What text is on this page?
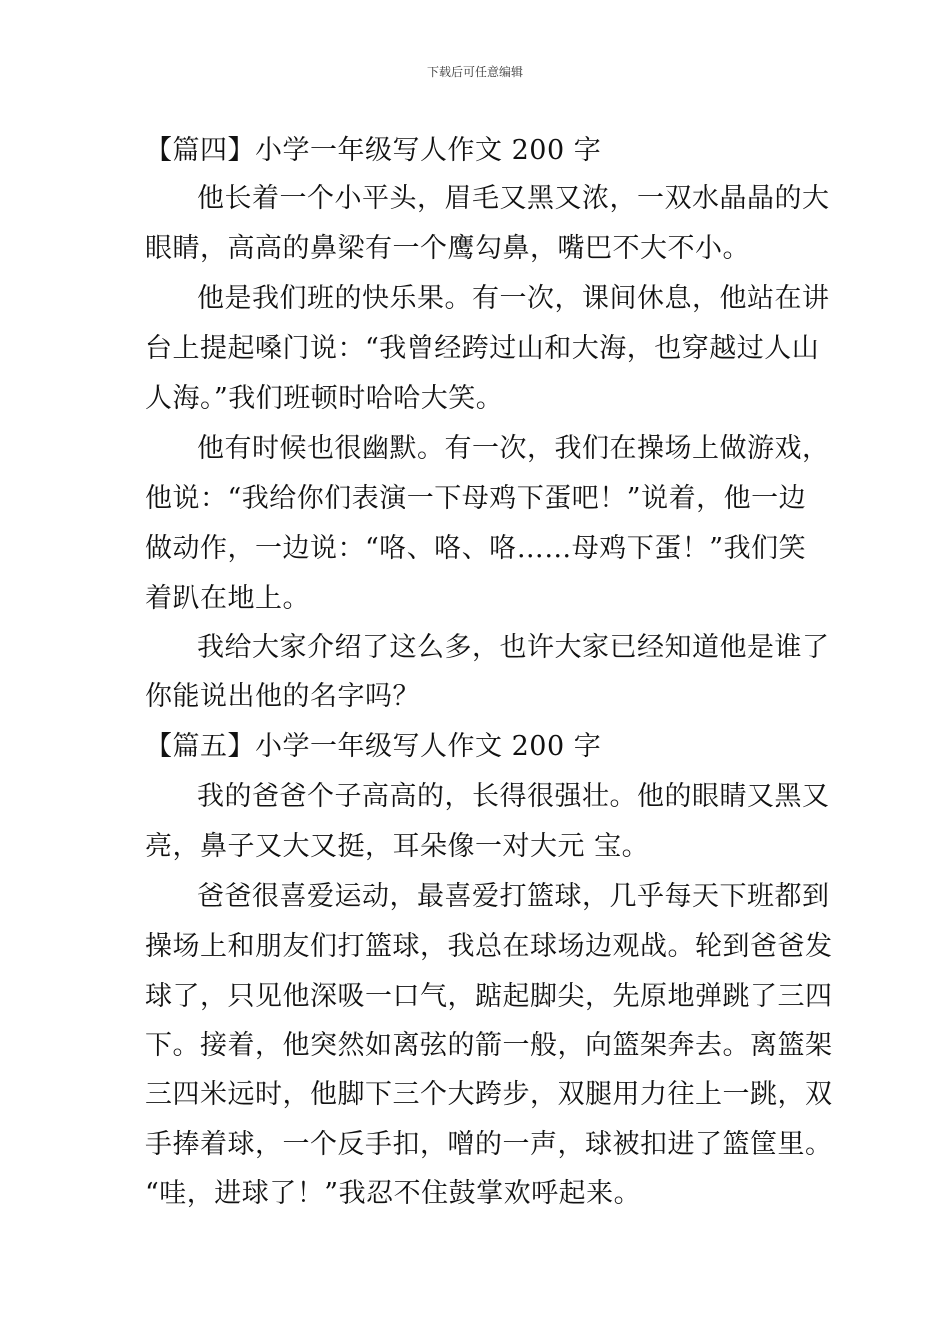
下载后可任意编辑
【篇四】小学一年级写人作文 200 字
他长着一个小平头，眉毛又黑又浓，一双水晶晶的大
眼睛，高高的鼻梁有一个鹰勾鼻，嘴巴不大不小。
他是我们班的快乐果。有一次，课间休息，他站在讲
台上提起嗓门说：“我曾经跨过山和大海，也穿越过人山
人海。”我们班顿时哈哈大笑。
他有时候也很幽默。有一次，我们在操场上做游戏，
他说：“我给你们表演一下母鸡下蛋吧！”说着，他一边
做动作，一边说：“咯、咯、咯……母鸡下蛋！”我们笑
着趴在地上。
我给大家介绍了这么多，也许大家已经知道他是谁了
你能说出他的名字吗？
【篇五】小学一年级写人作文 200 字
我的爸爸个子高高的，长得很强壮。他的眼睛又黑又
亮，鼻子又大又挺，耳朵像一对大元 宝。
爸爸很喜爱运动，最喜爱打篮球，几乎每天下班都到
操场上和朋友们打篮球，我总在球场边观战。轮到爸爸发
球了，只见他深吸一口气，踮起脚尖，先原地弹跳了三四
下。接着，他突然如离弦的箭一般，向篮架奔去。离篮架
三四米远时，他脚下三个大跨步，双腿用力往上一跳，双
手捧着球，一个反手扣，噌的一声，球被扣进了篮筐里。
“哇，进球了！”我忍不住鼓掌欢呼起来。
